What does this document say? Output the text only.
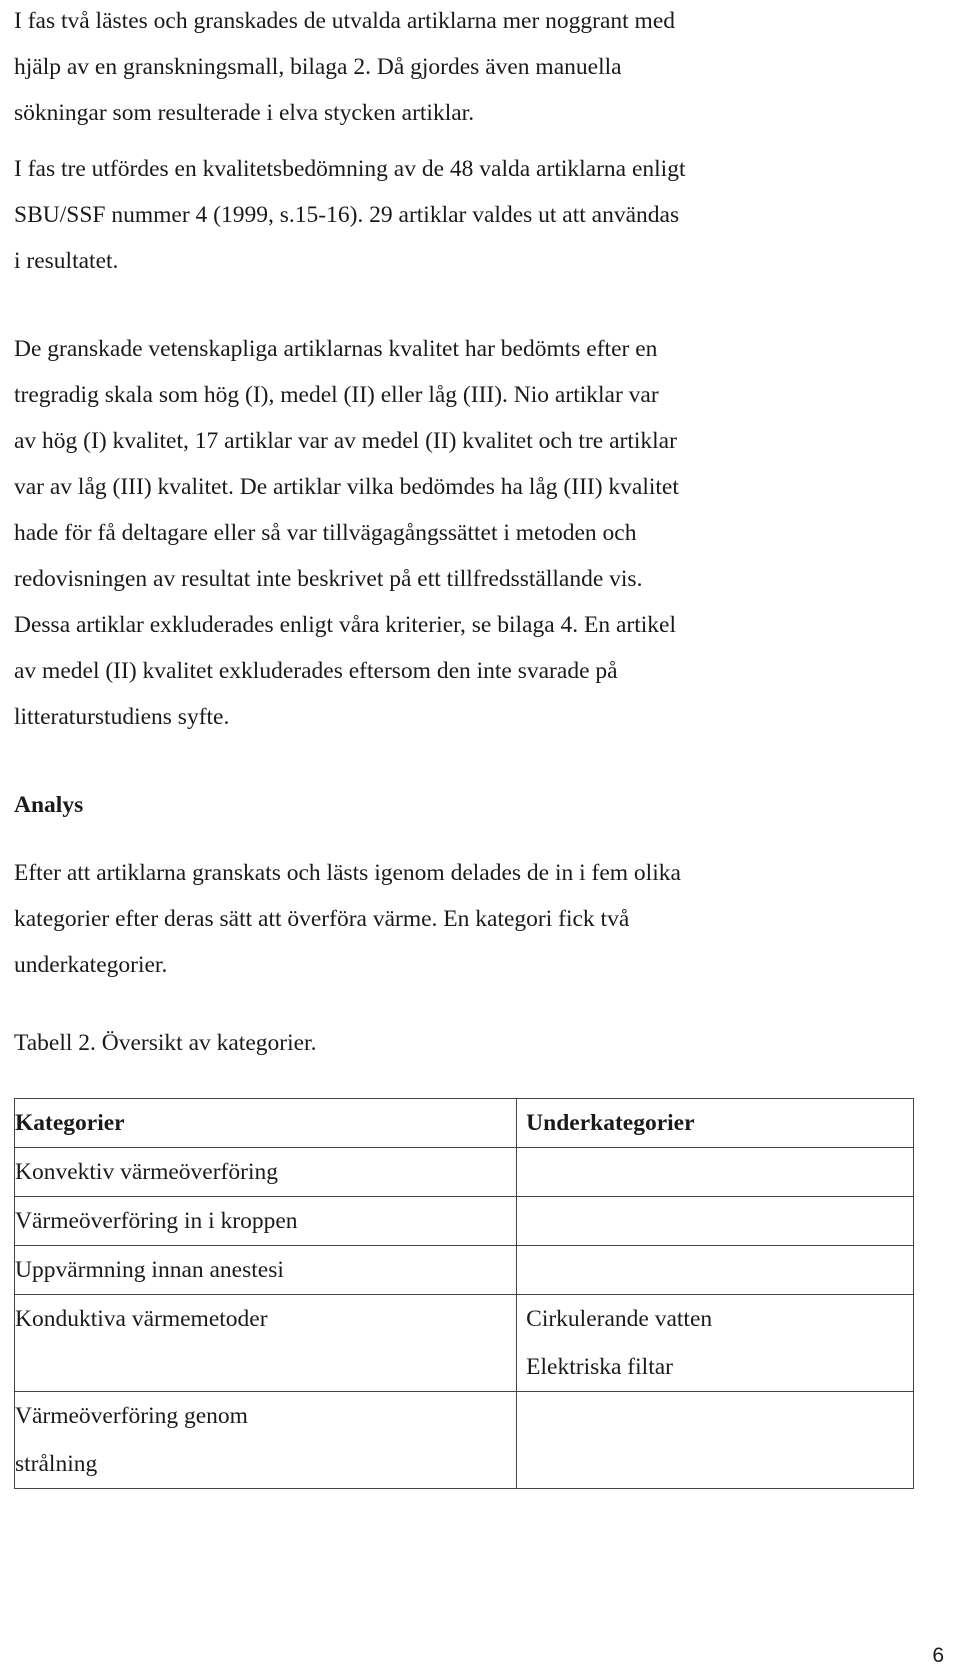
I fas två lästes och granskades de utvalda artiklarna mer noggrant med
hjälp av en granskningsmall, bilaga 2. Då gjordes även manuella
sökningar som resulterade i elva stycken artiklar.

I fas tre utfördes en kvalitetsbedömning av de 48 valda artiklarna enligt
SBU/SSF nummer 4 (1999, s.15-16). 29 artiklar valdes ut att användas
i resultatet.

De granskade vetenskapliga artiklarnas kvalitet har bedömts efter en
tregradig skala som hög (I), medel (II) eller låg (III). Nio artiklar var
av hög (I) kvalitet, 17 artiklar var av medel (II) kvalitet och tre artiklar
var av låg (III) kvalitet. De artiklar vilka bedömdes ha låg (III) kvalitet
hade för få deltagare eller så var tillvägagångssättet i metoden och
redovisningen av resultat inte beskrivet på ett tillfredsställande vis.
Dessa artiklar exkluderades enligt våra kriterier, se bilaga 4. En artikel
av medel (II) kvalitet exkluderades eftersom den inte svarade på
litteraturstudiens syfte.

Analys

Efter att artiklarna granskats och lästs igenom delades de in i fem olika
kategorier efter deras sätt att överföra värme. En kategori fick två
underkategorier.

Tabell 2. Översikt av kategorier.

Kategorier	Underkategorier

Konvektiv värmeöverföring	

Värmeöverföring in i kroppen	

Uppvärmning innan anestesi	

Konduktiva värmemetoder	Cirkulerande vatten
Elektriska filtar

Värmeöverföring genom
strålning	

6
